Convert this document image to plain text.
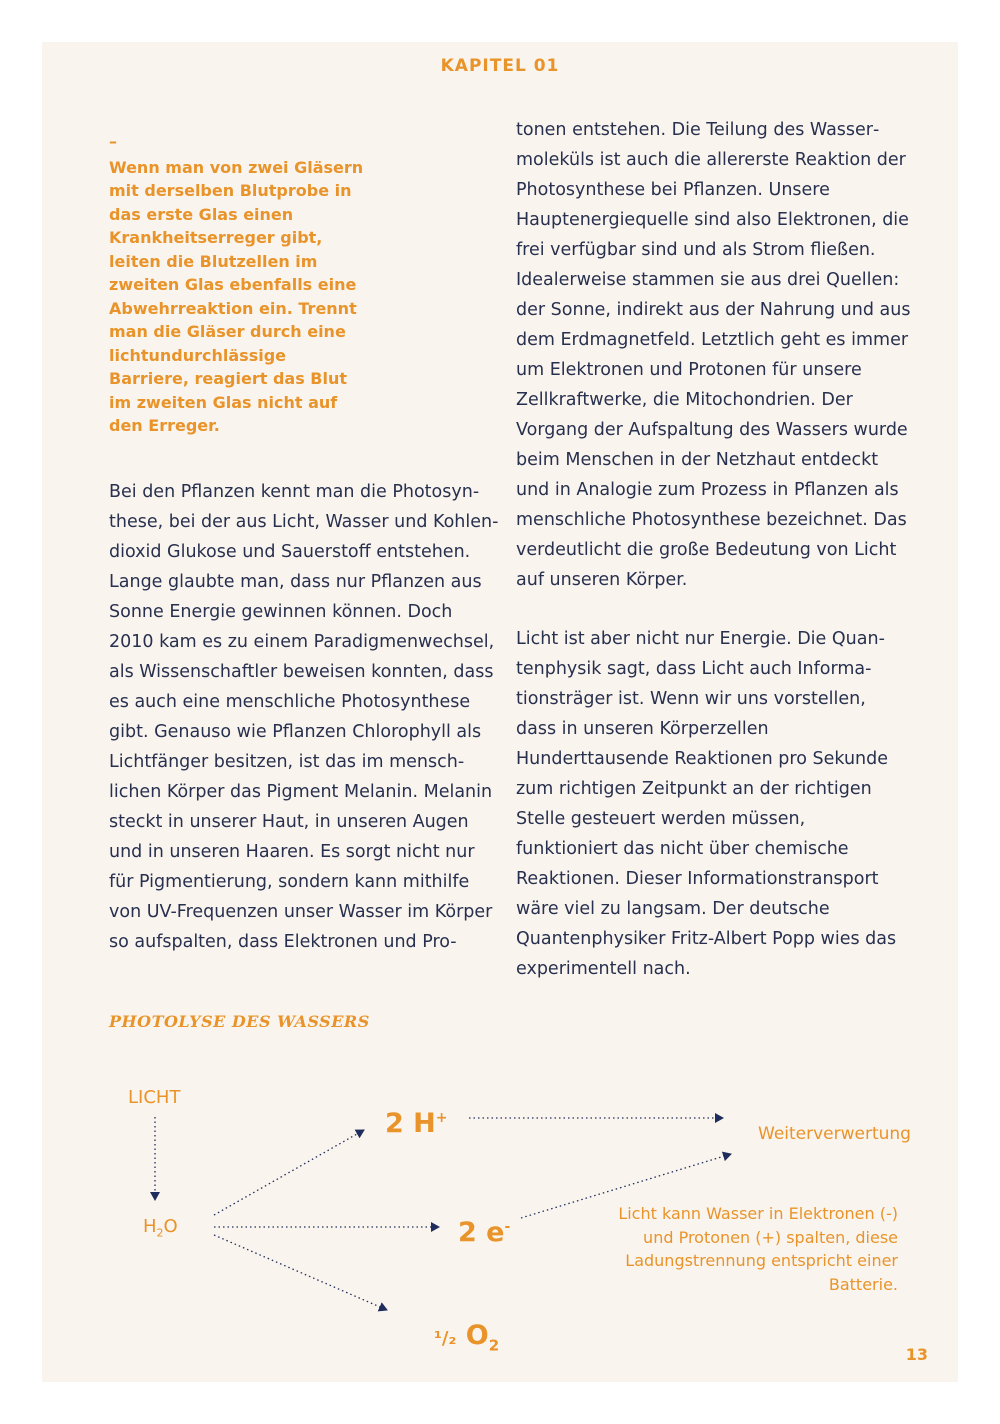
KAPITEL 01
–
Wenn man von zwei Gläsern mit derselben Blutprobe in das erste Glas einen Krankheitserreger gibt, leiten die Blutzellen im zweiten Glas ebenfalls eine Abwehrreaktion ein. Trennt man die Gläser durch eine lichtundurchlässige Barriere, reagiert das Blut im zweiten Glas nicht auf den Erreger.
Bei den Pflanzen kennt man die Photosynthese, bei der aus Licht, Wasser und Kohlendioxid Glukose und Sauerstoff entstehen. Lange glaubte man, dass nur Pflanzen aus Sonne Energie gewinnen können. Doch 2010 kam es zu einem Paradigmenwechsel, als Wissenschaftler beweisen konnten, dass es auch eine menschliche Photosynthese gibt. Genauso wie Pflanzen Chlorophyll als Lichtfänger besitzen, ist das im menschlichen Körper das Pigment Melanin. Melanin steckt in unserer Haut, in unseren Augen und in unseren Haaren. Es sorgt nicht nur für Pigmentierung, sondern kann mithilfe von UV-Frequenzen unser Wasser im Körper so aufspalten, dass Elektronen und Pro-
tonen entstehen. Die Teilung des Wassermoleküls ist auch die allererste Reaktion der Photosynthese bei Pflanzen. Unsere Hauptenergiequelle sind also Elektronen, die frei verfügbar sind und als Strom fließen. Idealerweise stammen sie aus drei Quellen: der Sonne, indirekt aus der Nahrung und aus dem Erdmagnetfeld. Letztlich geht es immer um Elektronen und Protonen für unsere Zellkraftwerke, die Mitochondrien. Der Vorgang der Aufspaltung des Wassers wurde beim Menschen in der Netzhaut entdeckt und in Analogie zum Prozess in Pflanzen als menschliche Photosynthese bezeichnet. Das verdeutlicht die große Bedeutung von Licht auf unseren Körper.
Licht ist aber nicht nur Energie. Die Quantenphysik sagt, dass Licht auch Informationsträger ist. Wenn wir uns vorstellen, dass in unseren Körperzellen Hunderttausende Reaktionen pro Sekunde zum richtigen Zeitpunkt an der richtigen Stelle gesteuert werden müssen, funktioniert das nicht über chemische Reaktionen. Dieser Informationstransport wäre viel zu langsam. Der deutsche Quantenphysiker Fritz-Albert Popp wies das experimentell nach.
PHOTOLYSE DES WASSERS
LICHT
$H_2O$
2 H+
2 e-
¹/₂ $O_2$
Weiterverwertung
Licht kann Wasser in Elektronen (-) und Protonen (+) spalten, diese Ladungstrennung entspricht einer Batterie.
13
